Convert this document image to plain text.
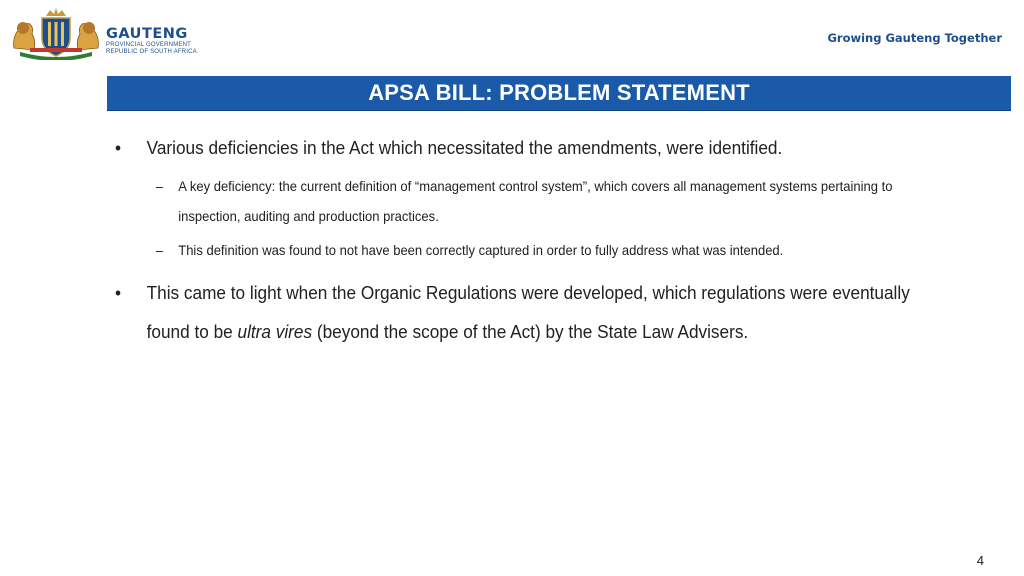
GAUTENG
PROVINCIAL GOVERNMENT
REPUBLIC OF SOUTH AFRICA
Growing Gauteng Together
APSA BILL: PROBLEM STATEMENT
• Various deficiencies in the Act which necessitated the amendments, were identified.
– A key deficiency: the current definition of “management control system”, which covers all management systems pertaining to inspection, auditing and production practices.
– This definition was found to not have been correctly captured in order to fully address what was intended.
• This came to light when the Organic Regulations were developed, which regulations were eventually found to be ultra vires (beyond the scope of the Act) by the State Law Advisers.
4
